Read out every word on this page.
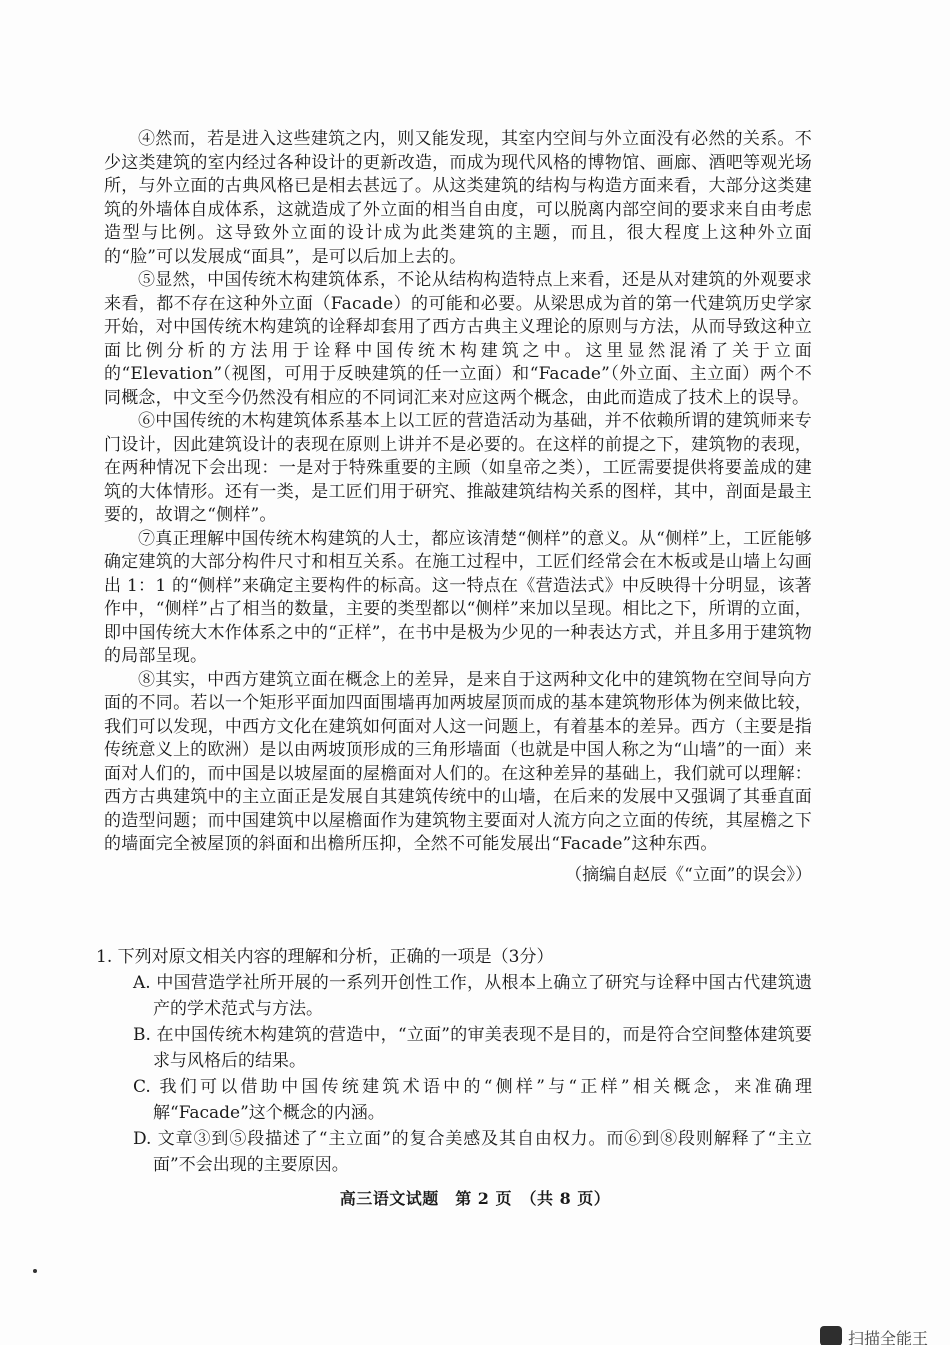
④然而，若是进入这些建筑之内，则又能发现，其室内空间与外立面没有必然的关系。不少这类建筑的室内经过各种设计的更新改造，而成为现代风格的博物馆、画廊、酒吧等观光场所，与外立面的古典风格已是相去甚远了。从这类建筑的结构与构造方面来看，大部分这类建筑的外墙体自成体系，这就造成了外立面的相当自由度，可以脱离内部空间的要求来自由考虑造型与比例。这导致外立面的设计成为此类建筑的主题，而且，很大程度上这种外立面的“脸”可以发展成“面具”，是可以后加上去的。

⑤显然，中国传统木构建筑体系，不论从结构构造特点上来看，还是从对建筑的外观要求来看，都不存在这种外立面（Facade）的可能和必要。从梁思成为首的第一代建筑历史学家开始，对中国传统木构建筑的诠释却套用了西方古典主义理论的原则与方法，从而导致这种立面比例分析的方法用于诠释中国传统木构建筑之中。这里显然混淆了关于立面的“Elevation”（视图，可用于反映建筑的任一立面）和“Facade”（外立面、主立面）两个不同概念，中文至今仍然没有相应的不同词汇来对应这两个概念，由此而造成了技术上的误导。

⑥中国传统的木构建筑体系基本上以工匠的营造活动为基础，并不依赖所谓的建筑师来专门设计，因此建筑设计的表现在原则上讲并不是必要的。在这样的前提之下，建筑物的表现，在两种情况下会出现：一是对于特殊重要的主顾（如皇帝之类），工匠需要提供将要盖成的建筑的大体情形。还有一类，是工匠们用于研究、推敲建筑结构关系的图样，其中，剖面是最主要的，故谓之“侧样”。

⑦真正理解中国传统木构建筑的人士，都应该清楚“侧样”的意义。从“侧样”上，工匠能够确定建筑的大部分构件尺寸和相互关系。在施工过程中，工匠们经常会在木板或是山墙上勾画出 1：1 的“侧样”来确定主要构件的标高。这一特点在《营造法式》中反映得十分明显，该著作中，“侧样”占了相当的数量，主要的类型都以“侧样”来加以呈现。相比之下，所谓的立面，即中国传统大木作体系之中的“正样”，在书中是极为少见的一种表达方式，并且多用于建筑物的局部呈现。

⑧其实，中西方建筑立面在概念上的差异，是来自于这两种文化中的建筑物在空间导向方面的不同。若以一个矩形平面加四面围墙再加两坡屋顶而成的基本建筑物形体为例来做比较，我们可以发现，中西方文化在建筑如何面对人这一问题上，有着基本的差异。西方（主要是指传统意义上的欧洲）是以由两坡顶形成的三角形墙面（也就是中国人称之为“山墙”的一面）来面对人们的，而中国是以坡屋面的屋檐面对人们的。在这种差异的基础上，我们就可以理解：西方古典建筑中的主立面正是发展自其建筑传统中的山墙，在后来的发展中又强调了其垂直面的造型问题；而中国建筑中以屋檐面作为建筑物主要面对人流方向之立面的传统，其屋檐之下的墙面完全被屋顶的斜面和出檐所压抑，全然不可能发展出“Facade”这种东西。

（摘编自赵辰《“立面”的误会》）

1. 下列对原文相关内容的理解和分析，正确的一项是（3分）

A. 中国营造学社所开展的一系列开创性工作，从根本上确立了研究与诠释中国古代建筑遗产的学术范式与方法。

B. 在中国传统木构建筑的营造中，“立面”的审美表现不是目的，而是符合空间整体建筑要求与风格后的结果。

C. 我们可以借助中国传统建筑术语中的“侧样”与“正样”相关概念，来准确理解“Facade”这个概念的内涵。

D. 文章③到⑤段描述了“主立面”的复合美感及其自由权力。而⑥到⑧段则解释了“主立面”不会出现的主要原因。

高三语文试题　第 2 页　（共 8 页）
扫描全能王
